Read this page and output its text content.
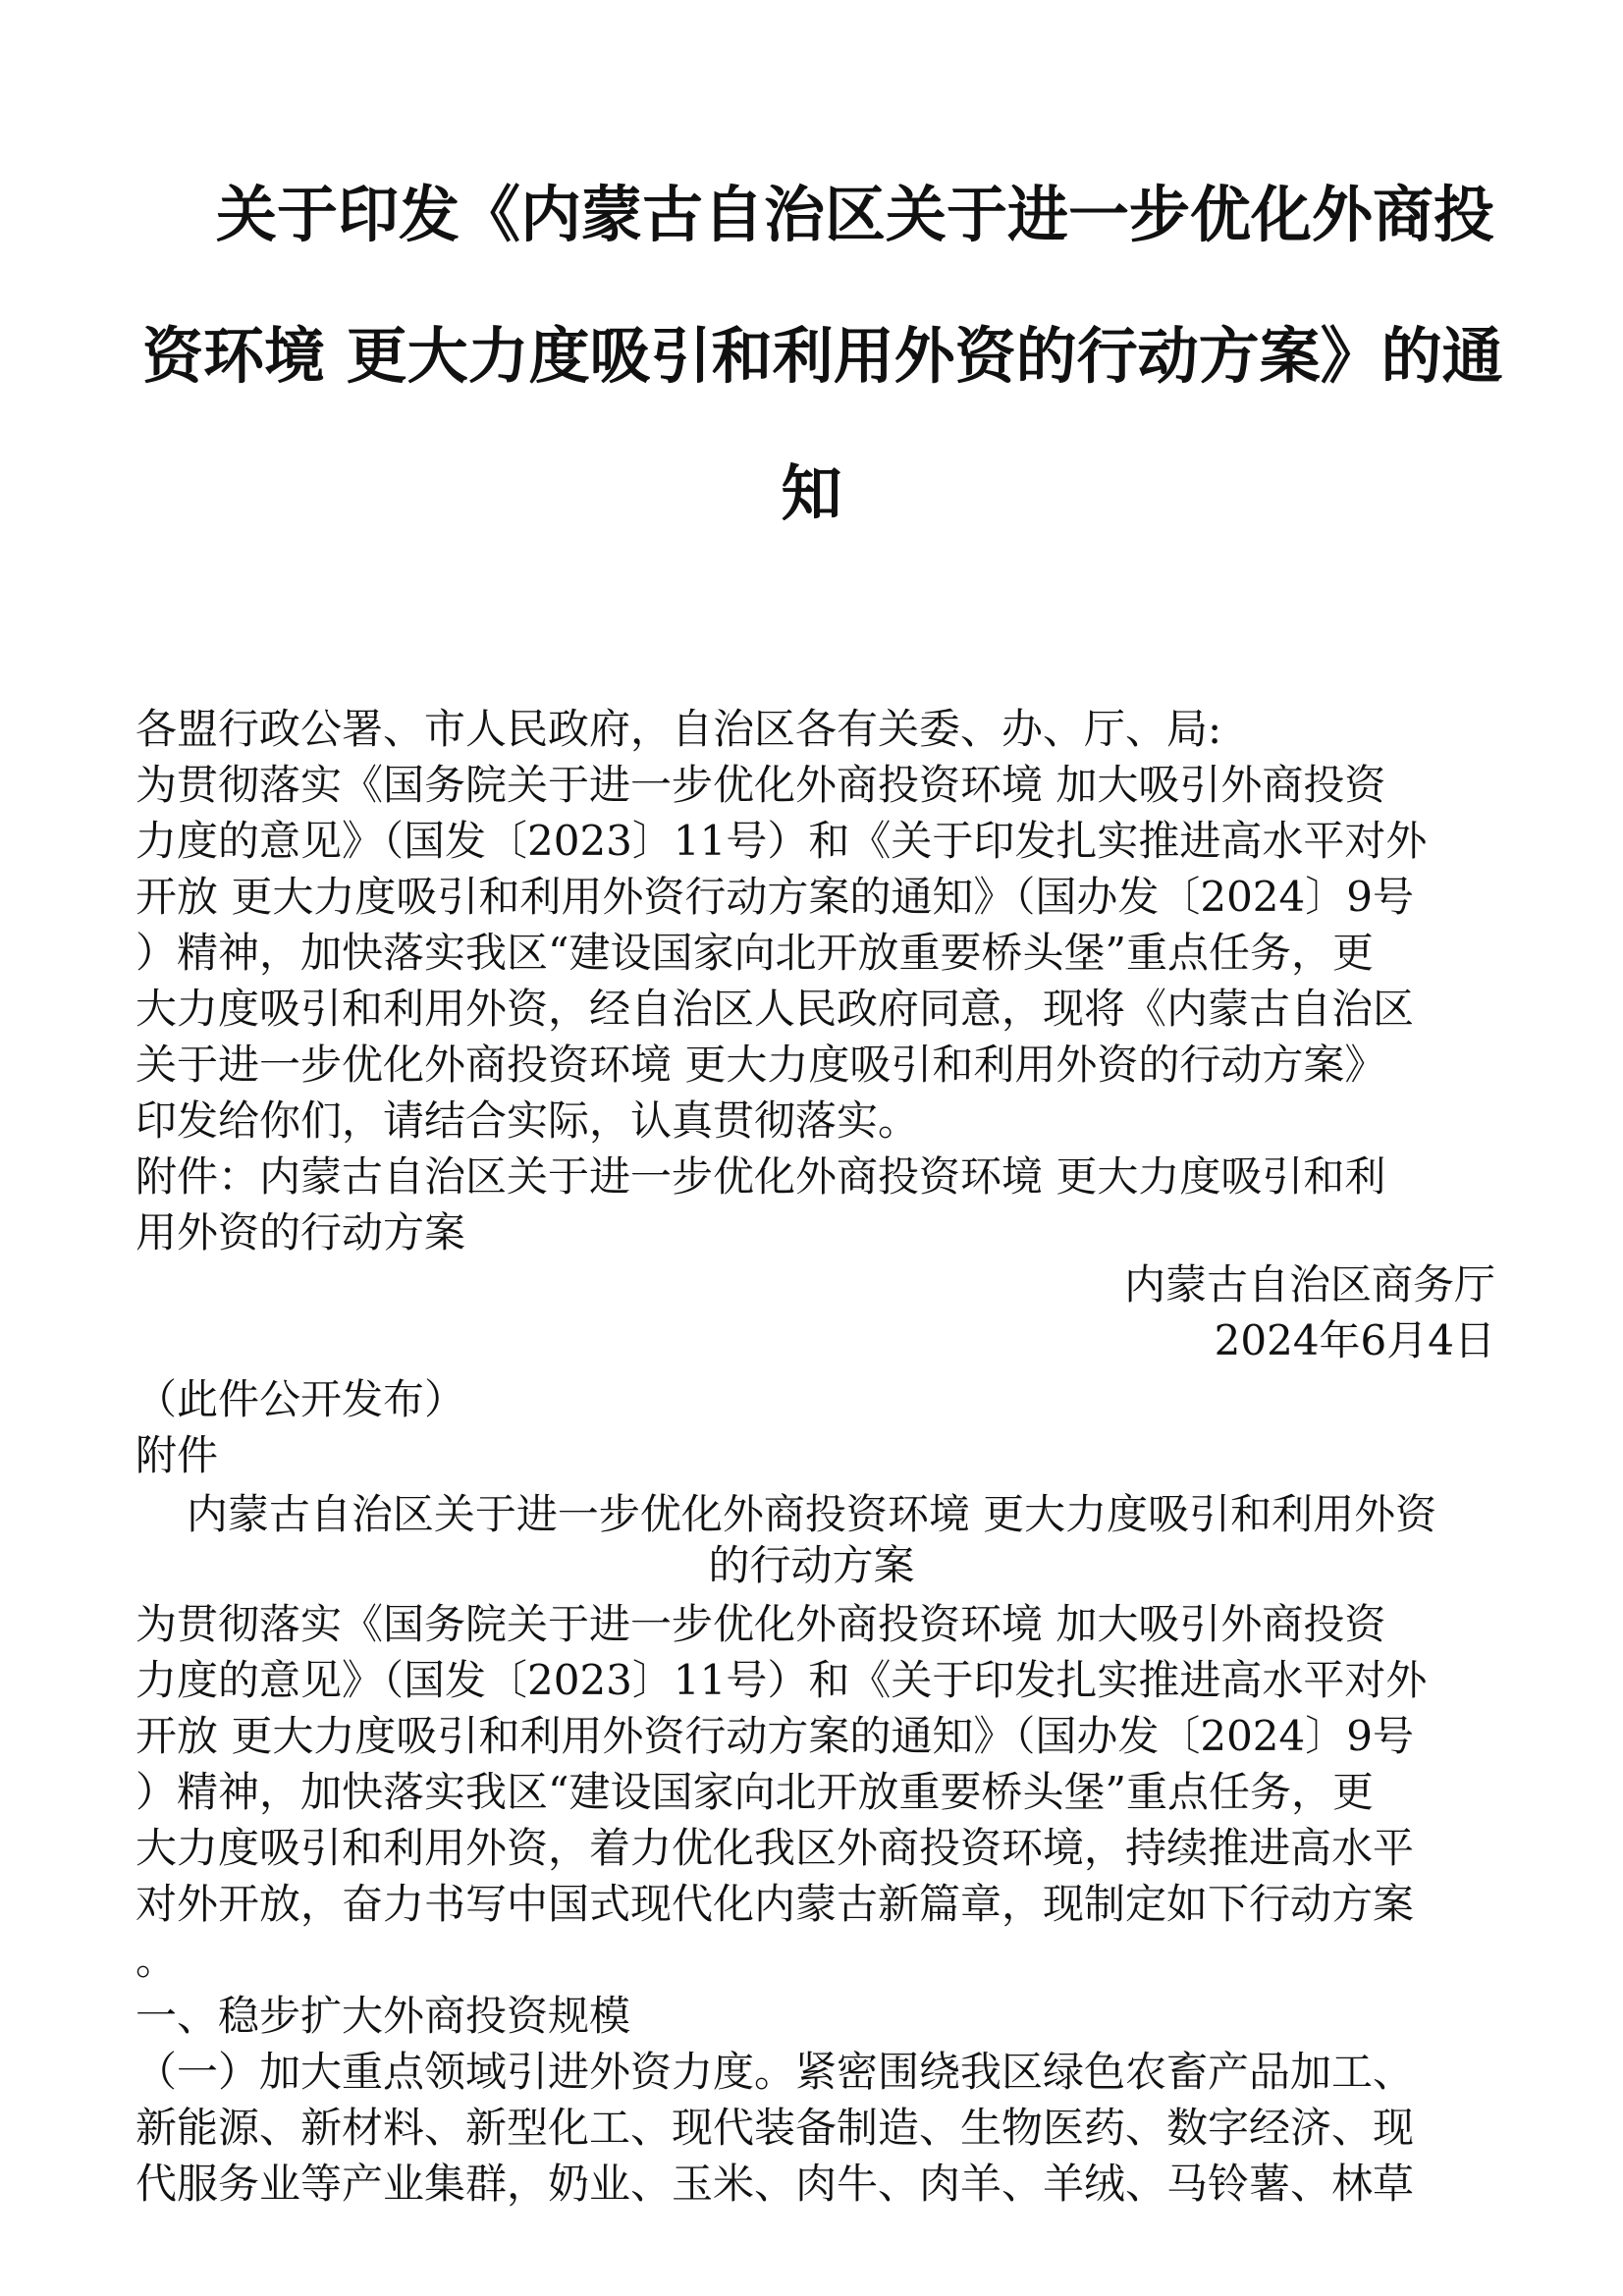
关于印发《内蒙古自治区关于进一步优化外商投
资环境 更大力度吸引和利用外资的行动方案》的通
知

各盟行政公署、市人民政府，自治区各有关委、办、厅、局:

为贯彻落实《国务院关于进一步优化外商投资环境 加大吸引外商投资

力度的意见》（国发〔2023〕11号）和《关于印发扎实推进高水平对外

开放 更大力度吸引和利用外资行动方案的通知》（国办发〔2024〕9号

）精神，加快落实我区“建设国家向北开放重要桥头堡”重点任务，更

大力度吸引和利用外资，经自治区人民政府同意，现将《内蒙古自治区

关于进一步优化外商投资环境 更大力度吸引和利用外资的行动方案》

印发给你们，请结合实际，认真贯彻落实。

附件：内蒙古自治区关于进一步优化外商投资环境 更大力度吸引和利

用外资的行动方案

内蒙古自治区商务厅

2024年6月4日

（此件公开发布）

附件

内蒙古自治区关于进一步优化外商投资环境 更大力度吸引和利用外资

的行动方案

为贯彻落实《国务院关于进一步优化外商投资环境 加大吸引外商投资

力度的意见》（国发〔2023〕11号）和《关于印发扎实推进高水平对外

开放 更大力度吸引和利用外资行动方案的通知》（国办发〔2024〕9号

）精神，加快落实我区“建设国家向北开放重要桥头堡”重点任务，更

大力度吸引和利用外资，着力优化我区外商投资环境，持续推进高水平

对外开放，奋力书写中国式现代化内蒙古新篇章，现制定如下行动方案

。

一、稳步扩大外商投资规模

（一）加大重点领域引进外资力度。紧密围绕我区绿色农畜产品加工、

新能源、新材料、新型化工、现代装备制造、生物医药、数字经济、现

代服务业等产业集群，奶业、玉米、肉牛、肉羊、羊绒、马铃薯、林草
